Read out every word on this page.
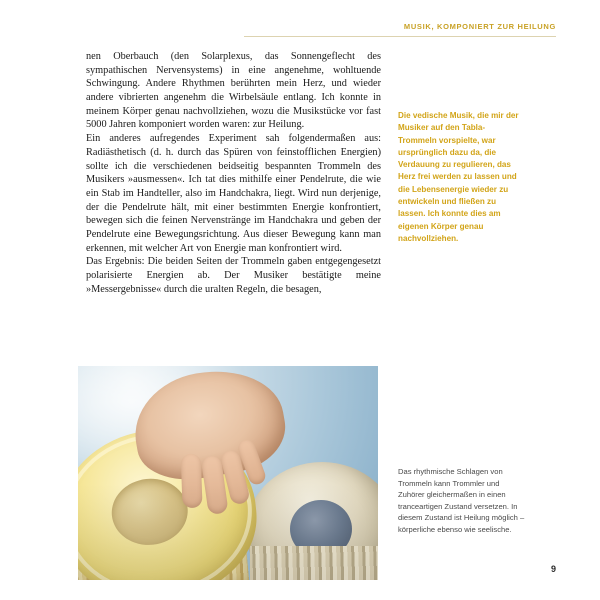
MUSIK, KOMPONIERT ZUR HEILUNG

nen Oberbauch (den Solarplexus, das Sonnengeflecht des sympathischen Nervensystems) in eine angenehme, wohltuende Schwingung. Andere Rhythmen berührten mein Herz, und wieder andere vibrierten angenehm die Wirbelsäule entlang. Ich konnte in meinem Körper genau nachvollziehen, wozu die Musikstücke vor fast 5000 Jahren komponiert worden waren: zur Heilung.

Ein anderes aufregendes Experiment sah folgendermaßen aus: Radiästhetisch (d. h. durch das Spüren von feinstofflichen Energien) sollte ich die verschiedenen beidseitig bespannten Trommeln des Musikers »ausmessen«. Ich tat dies mithilfe einer Pendelrute, die wie ein Stab im Handteller, also im Handchakra, liegt. Wird nun derjenige, der die Pendelrute hält, mit einer bestimmten Energie konfrontiert, bewegen sich die feinen Nervenstränge im Handchakra und geben der Pendelrute eine Bewegungsrichtung. Aus dieser Bewegung kann man erkennen, mit welcher Art von Energie man konfrontiert wird.

Das Ergebnis: Die beiden Seiten der Trommeln gaben entgegengesetzt polarisierte Energien ab. Der Musiker bestätigte meine »Messergebnisse« durch die uralten Regeln, die besagen,

Die vedische Musik, die mir der Musiker auf den Tabla-Trommeln vorspielte, war ursprünglich dazu da, die Verdauung zu regulieren, das Herz frei werden zu lassen und die Lebensenergie wieder zu entwickeln und fließen zu lassen. Ich konnte dies am eigenen Körper genau nachvollziehen.
Das rhythmische Schlagen von Trommeln kann Trommler und Zuhörer gleichermaßen in einen tranceartigen Zustand versetzen. In diesem Zustand ist Heilung möglich – körperliche ebenso wie seelische.
9
